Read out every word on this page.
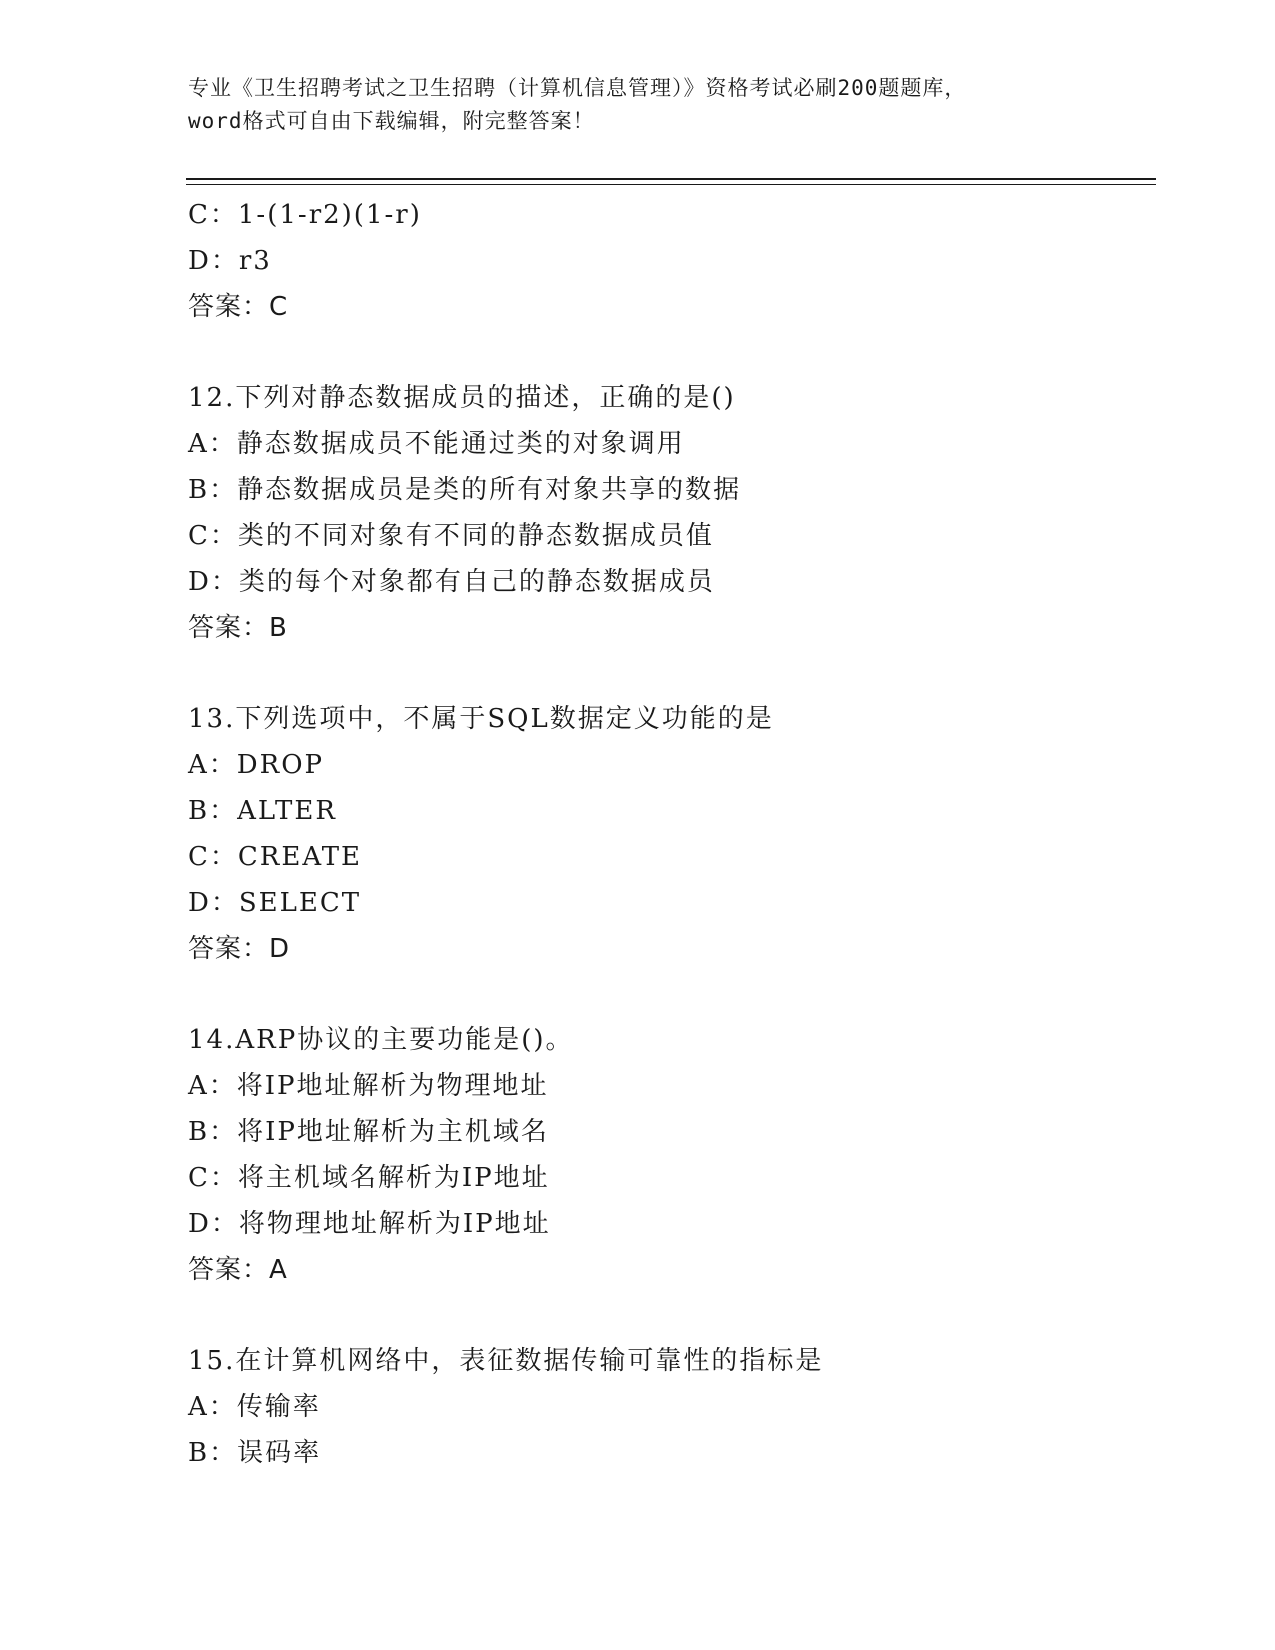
专业《卫生招聘考试之卫生招聘（计算机信息管理）》资格考试必刷200题题库，
word格式可自由下载编辑，附完整答案！
C：1-(1-r2)(1-r)
D：r3
答案：C
12.下列对静态数据成员的描述，正确的是()
A：静态数据成员不能通过类的对象调用
B：静态数据成员是类的所有对象共享的数据
C：类的不同对象有不同的静态数据成员值
D：类的每个对象都有自己的静态数据成员
答案：B
13.下列选项中，不属于SQL数据定义功能的是
A：DROP
B：ALTER
C：CREATE
D：SELECT
答案：D
14.ARP协议的主要功能是()。
A：将IP地址解析为物理地址
B：将IP地址解析为主机域名
C：将主机域名解析为IP地址
D：将物理地址解析为IP地址
答案：A
15.在计算机网络中，表征数据传输可靠性的指标是
A：传输率
B：误码率
